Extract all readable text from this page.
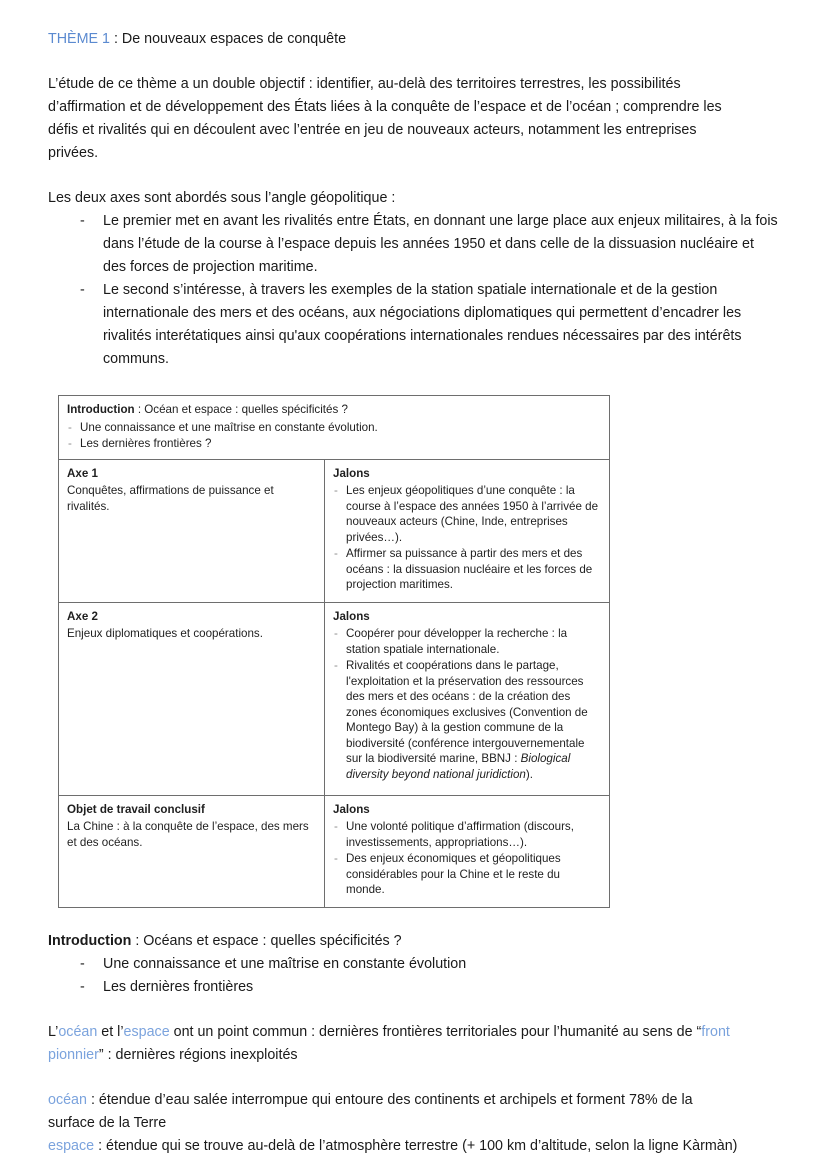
THÈME 1 : De nouveaux espaces de conquête

L’étude de ce thème a un double objectif : identifier, au-delà des territoires terrestres, les possibilités d’affirmation et de développement des États liées à la conquête de l’espace et de l’océan ; comprendre les défis et rivalités qui en découlent avec l’entrée en jeu de nouveaux acteurs, notamment les entreprises privées.

Les deux axes sont abordés sous l’angle géopolitique :

- Le premier met en avant les rivalités entre États, en donnant une large place aux enjeux militaires, à la fois dans l’étude de la course à l’espace depuis les années 1950 et dans celle de la dissuasion nucléaire et des forces de projection maritime.
- Le second s’intéresse, à travers les exemples de la station spatiale internationale et de la gestion internationale des mers et des océans, aux négociations diplomatiques qui permettent d’encadrer les rivalités interétatiques ainsi qu'aux coopérations internationales rendues nécessaires par des intérêts communs.
Introduction : Océan et espace : quelles spécificités ?
- Une connaissance et une maîtrise en constante évolution.
- Les dernières frontières ?
Axe 1
Conquêtes, affirmations de puissance et rivalités.
Jalons
- Les enjeux géopolitiques d’une conquête : la course à l’espace des années 1950 à l’arrivée de nouveaux acteurs (Chine, Inde, entreprises privées…).
- Affirmer sa puissance à partir des mers et des océans : la dissuasion nucléaire et les forces de projection maritimes.
Axe 2
Enjeux diplomatiques et coopérations.
Jalons
- Coopérer pour développer la recherche : la station spatiale internationale.
- Rivalités et coopérations dans le partage, l'exploitation et la préservation des ressources des mers et des océans : de la création des zones économiques exclusives (Convention de Montego Bay) à la gestion commune de la biodiversité (conférence intergouvernementale sur la biodiversité marine, BBNJ : Biological diversity beyond national juridiction).
Objet de travail conclusif
La Chine : à la conquête de l’espace, des mers et des océans.
Jalons
- Une volonté politique d’affirmation (discours, investissements, appropriations…).
- Des enjeux économiques et géopolitiques considérables pour la Chine et le reste du monde.

Introduction : Océans et espace : quelles spécificités ?

- Une connaissance et une maîtrise en constante évolution
- Les dernières frontières

L’océan et l’espace ont un point commun : dernières frontières territoriales pour l’humanité au sens de “front pionnier” : dernières régions inexploités

océan : étendue d’eau salée interrompue qui entoure des continents et archipels et forment 78% de la surface de la Terre

espace : étendue qui se trouve au-delà de l’atmosphère terrestre (+ 100 km d’altitude, selon la ligne Kàrmàn)
